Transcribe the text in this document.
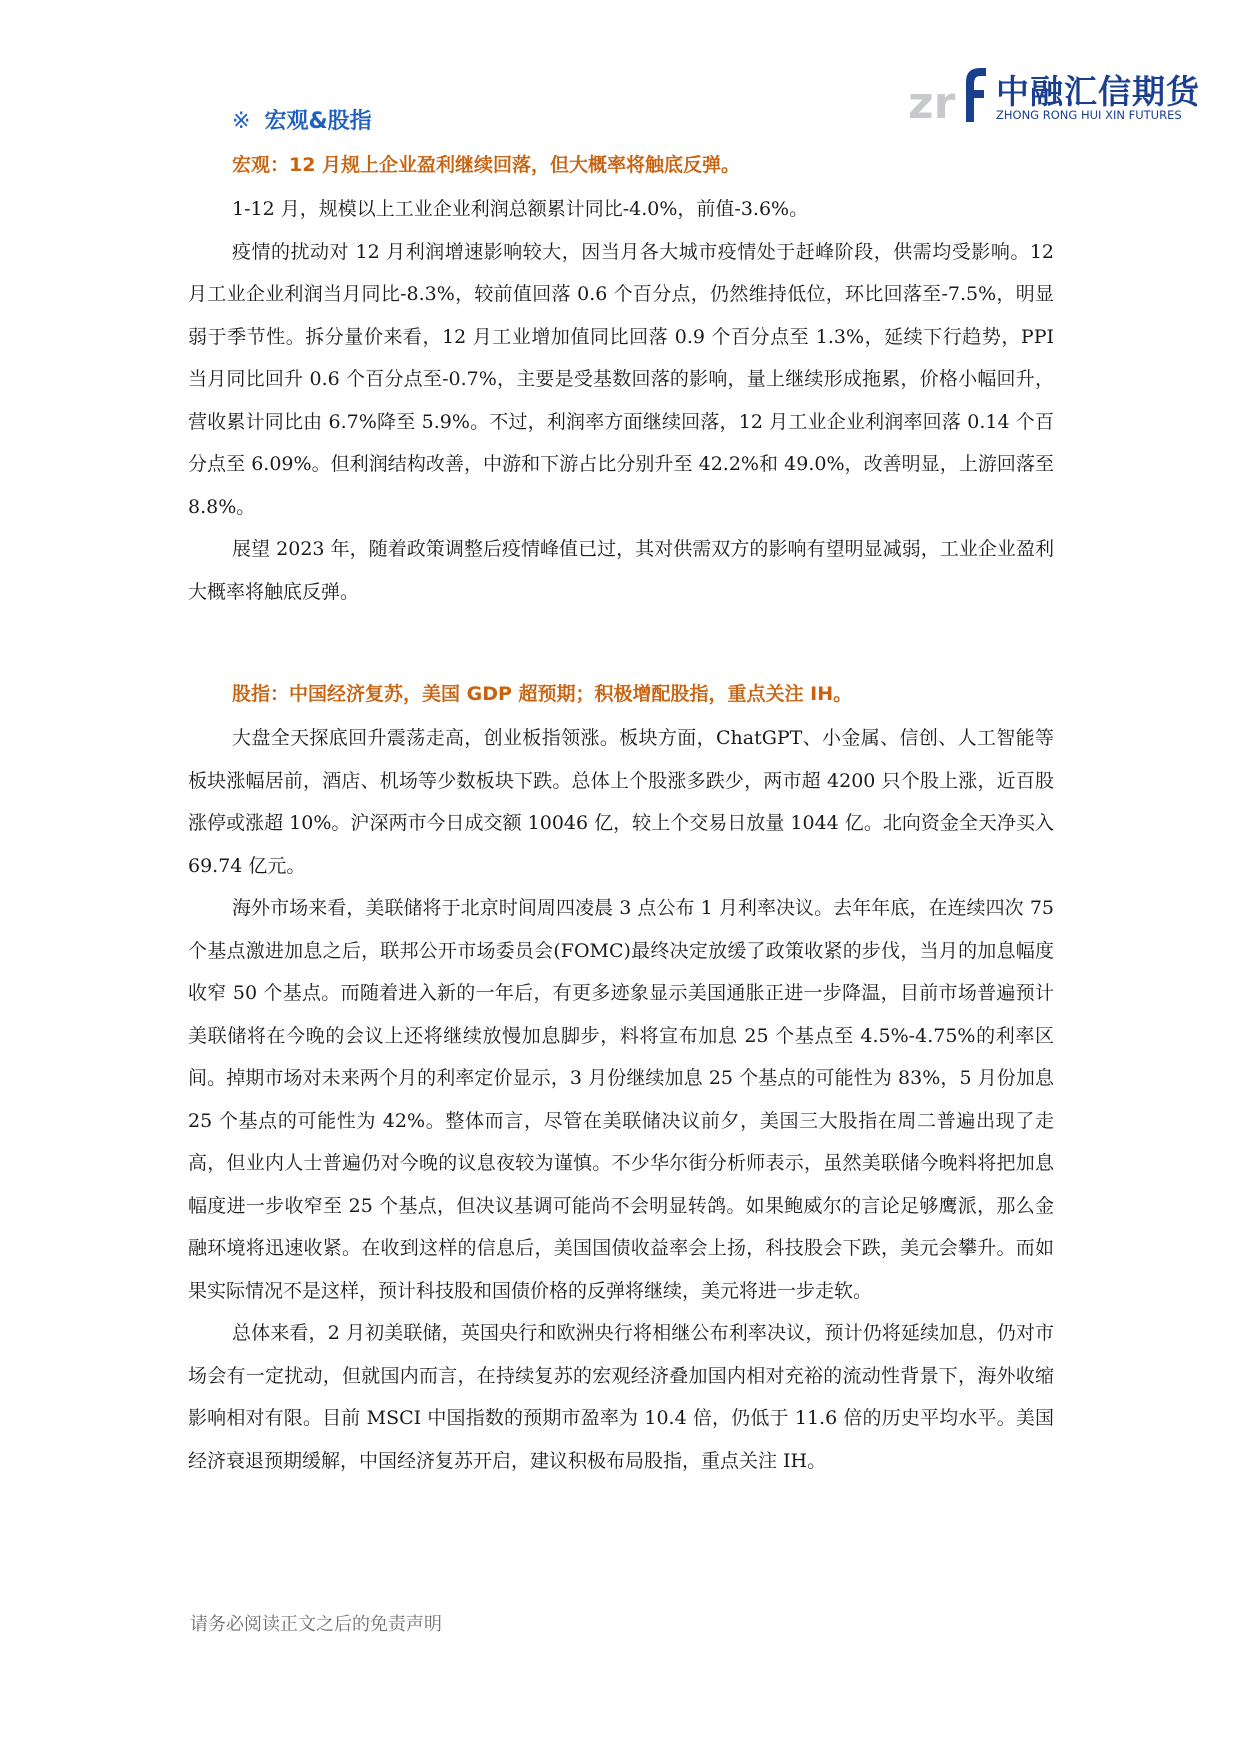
zr 中融汇信期货
ZHONG RONG HUI XIN FUTURES
※ 宏观&股指
宏观：12 月规上企业盈利继续回落，但大概率将触底反弹。

1-12 月，规模以上工业企业利润总额累计同比-4.0%，前值-3.6%。

疫情的扰动对 12 月利润增速影响较大，因当月各大城市疫情处于赶峰阶段，供需均受影响。12 月工业企业利润当月同比-8.3%，较前值回落 0.6 个百分点，仍然维持低位，环比回落至-7.5%，明显弱于季节性。拆分量价来看，12 月工业增加值同比回落 0.9 个百分点至 1.3%，延续下行趋势，PPI 当月同比回升 0.6 个百分点至-0.7%，主要是受基数回落的影响，量上继续形成拖累，价格小幅回升，营收累计同比由 6.7%降至 5.9%。不过，利润率方面继续回落，12 月工业企业利润率回落 0.14 个百分点至 6.09%。但利润结构改善，中游和下游占比分别升至 42.2%和 49.0%，改善明显，上游回落至 8.8%。

展望 2023 年，随着政策调整后疫情峰值已过，其对供需双方的影响有望明显减弱，工业企业盈利大概率将触底反弹。

股指：中国经济复苏，美国 GDP 超预期；积极增配股指，重点关注 IH。

大盘全天探底回升震荡走高，创业板指领涨。板块方面，ChatGPT、小金属、信创、人工智能等板块涨幅居前，酒店、机场等少数板块下跌。总体上个股涨多跌少，两市超 4200 只个股上涨，近百股涨停或涨超 10%。沪深两市今日成交额 10046 亿，较上个交易日放量 1044 亿。北向资金全天净买入 69.74 亿元。

海外市场来看，美联储将于北京时间周四凌晨 3 点公布 1 月利率决议。去年年底，在连续四次 75 个基点激进加息之后，联邦公开市场委员会(FOMC)最终决定放缓了政策收紧的步伐，当月的加息幅度收窄 50 个基点。而随着进入新的一年后，有更多迹象显示美国通胀正进一步降温，目前市场普遍预计美联储将在今晚的会议上还将继续放慢加息脚步，料将宣布加息 25 个基点至 4.5%-4.75%的利率区间。掉期市场对未来两个月的利率定价显示，3 月份继续加息 25 个基点的可能性为 83%，5 月份加息 25 个基点的可能性为 42%。整体而言，尽管在美联储决议前夕，美国三大股指在周二普遍出现了走高，但业内人士普遍仍对今晚的议息夜较为谨慎。不少华尔街分析师表示，虽然美联储今晚料将把加息幅度进一步收窄至 25 个基点，但决议基调可能尚不会明显转鸽。如果鲍威尔的言论足够鹰派，那么金融环境将迅速收紧。在收到这样的信息后，美国国债收益率会上扬，科技股会下跌，美元会攀升。而如果实际情况不是这样，预计科技股和国债价格的反弹将继续，美元将进一步走软。

总体来看，2 月初美联储，英国央行和欧洲央行将相继公布利率决议，预计仍将延续加息，仍对市场会有一定扰动，但就国内而言，在持续复苏的宏观经济叠加国内相对充裕的流动性背景下，海外收缩影响相对有限。目前 MSCI 中国指数的预期市盈率为 10.4 倍，仍低于 11.6 倍的历史平均水平。美国经济衰退预期缓解，中国经济复苏开启，建议积极布局股指，重点关注 IH。

请务必阅读正文之后的免责声明
